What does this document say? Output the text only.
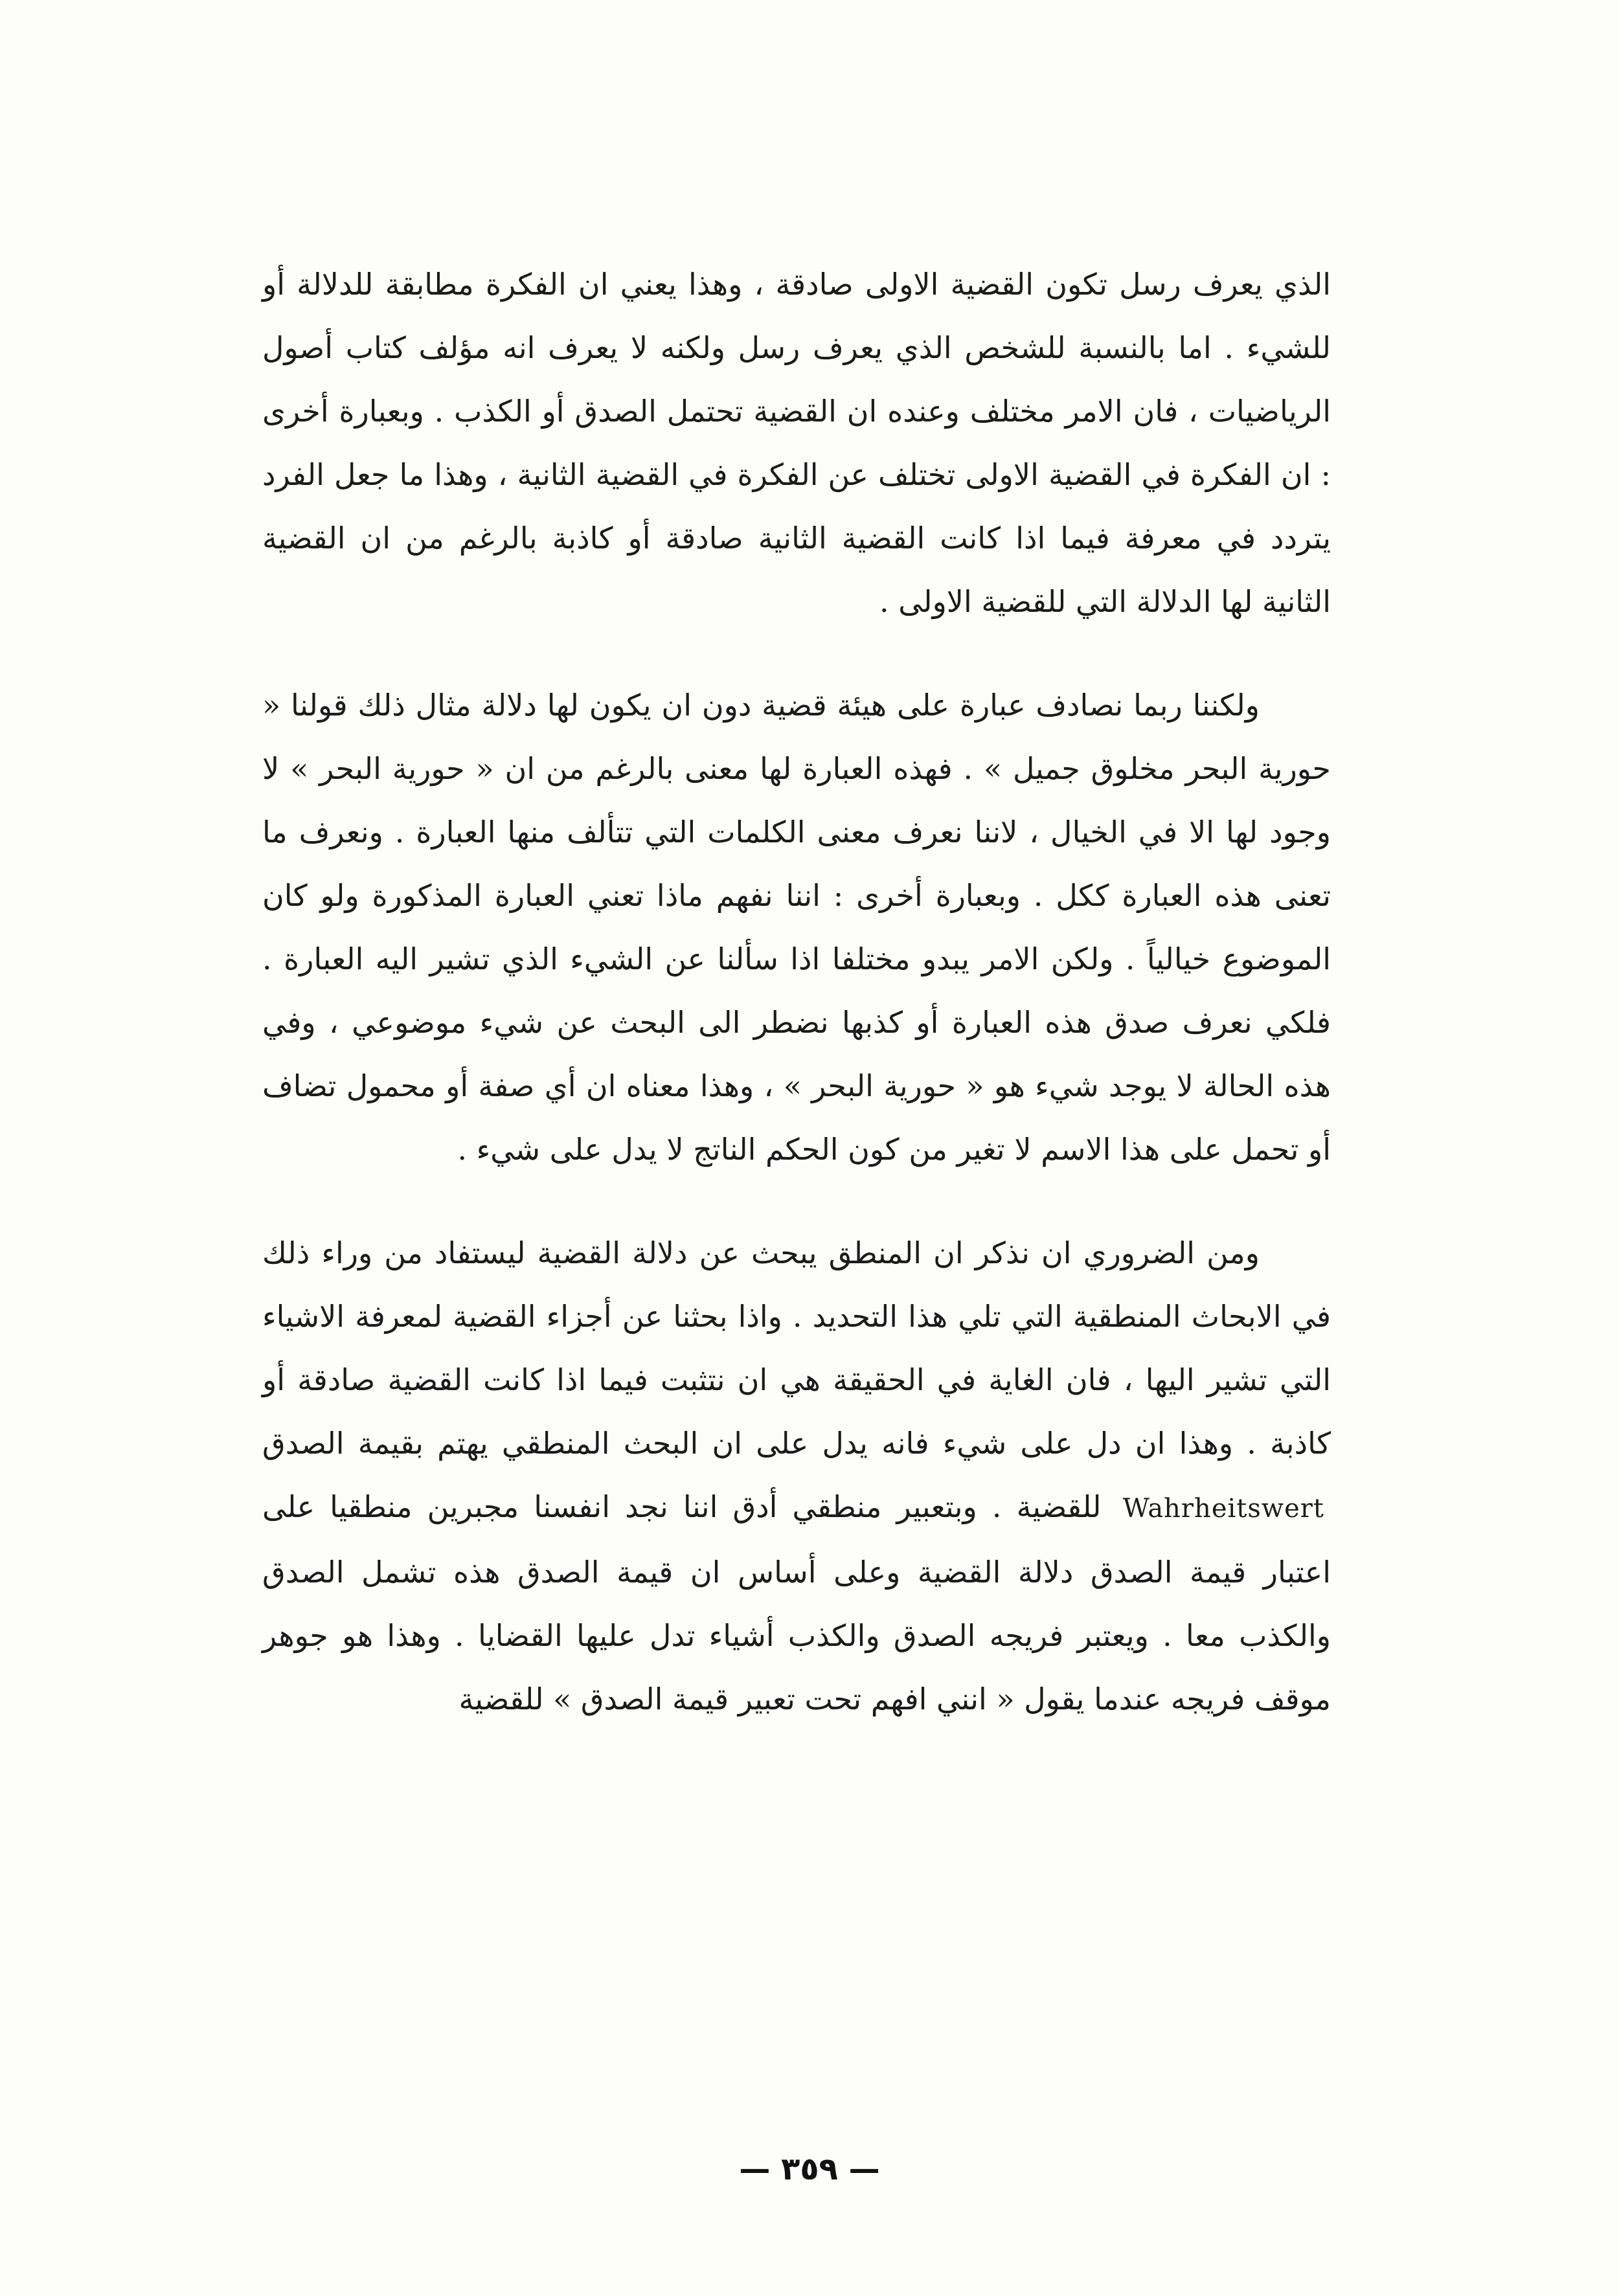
الذي يعرف رسل تكون القضية الاولى صادقة ، وهذا يعني ان الفكرة مطابقة للدلالة أو للشيء . اما بالنسبة للشخص الذي يعرف رسل ولكنه لا يعرف انه مؤلف كتاب أصول الرياضيات ، فان الامر مختلف وعنده ان القضية تحتمل الصدق أو الكذب . وبعبارة أخرى : ان الفكرة في القضية الاولى تختلف عن الفكرة في القضية الثانية ، وهذا ما جعل الفرد يتردد في معرفة فيما اذا كانت القضية الثانية صادقة أو كاذبة بالرغم من ان القضية الثانية لها الدلالة التي للقضية الاولى .

ولكننا ربما نصادف عبارة على هيئة قضية دون ان يكون لها دلالة مثال ذلك قولنا « حورية البحر مخلوق جميل » . فهذه العبارة لها معنى بالرغم من ان « حورية البحر » لا وجود لها الا في الخيال ، لاننا نعرف معنى الكلمات التي تتألف منها العبارة . ونعرف ما تعنى هذه العبارة ككل . وبعبارة أخرى : اننا نفهم ماذا تعني العبارة المذكورة ولو كان الموضوع خيالياً . ولكن الامر يبدو مختلفا اذا سألنا عن الشيء الذي تشير اليه العبارة . فلكي نعرف صدق هذه العبارة أو كذبها نضطر الى البحث عن شيء موضوعي ، وفي هذه الحالة لا يوجد شيء هو « حورية البحر » ، وهذا معناه ان أي صفة أو محمول تضاف أو تحمل على هذا الاسم لا تغير من كون الحكم الناتج لا يدل على شيء .

ومن الضروري ان نذكر ان المنطق يبحث عن دلالة القضية ليستفاد من وراء ذلك في الابحاث المنطقية التي تلي هذا التحديد . واذا بحثنا عن أجزاء القضية لمعرفة الاشياء التي تشير اليها ، فان الغاية في الحقيقة هي ان نتثبت فيما اذا كانت القضية صادقة أو كاذبة . وهذا ان دل على شيء فانه يدل على ان البحث المنطقي يهتم بقيمة الصدق Wahrheitswert للقضية . وبتعبير منطقي أدق اننا نجد انفسنا مجبرين منطقيا على اعتبار قيمة الصدق دلالة القضية وعلى أساس ان قيمة الصدق هذه تشمل الصدق والكذب معا . ويعتبر فريجه الصدق والكذب أشياء تدل عليها القضايا . وهذا هو جوهر موقف فريجه عندما يقول « انني افهم تحت تعبير قيمة الصدق » للقضية

— ٣٥٩ —
